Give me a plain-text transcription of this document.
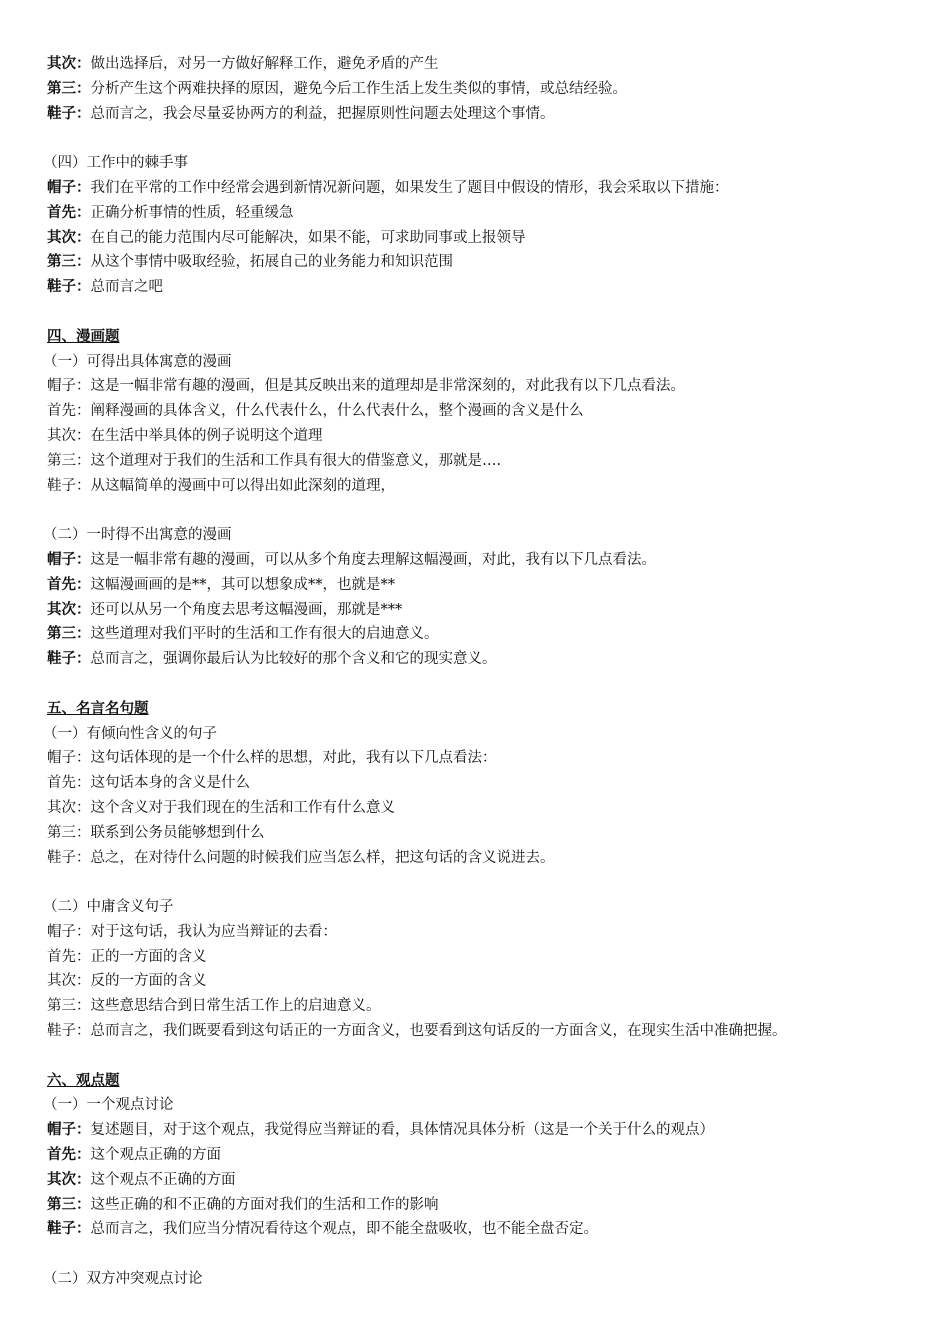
其次：做出选择后，对另一方做好解释工作，避免矛盾的产生
第三：分析产生这个两难抉择的原因，避免今后工作生活上发生类似的事情，或总结经验。
鞋子：总而言之，我会尽量妥协两方的利益，把握原则性问题去处理这个事情。
（四）工作中的棘手事
帽子：我们在平常的工作中经常会遇到新情况新问题，如果发生了题目中假设的情形，我会采取以下措施：
首先：正确分析事情的性质，轻重缓急
其次：在自己的能力范围内尽可能解决，如果不能，可求助同事或上报领导
第三：从这个事情中吸取经验，拓展自己的业务能力和知识范围
鞋子：总而言之吧
四、漫画题
（一）可得出具体寓意的漫画
帽子：这是一幅非常有趣的漫画，但是其反映出来的道理却是非常深刻的，对此我有以下几点看法。
首先：阐释漫画的具体含义，什么代表什么，什么代表什么，整个漫画的含义是什么
其次：在生活中举具体的例子说明这个道理
第三：这个道理对于我们的生活和工作具有很大的借鉴意义，那就是….
鞋子：从这幅简单的漫画中可以得出如此深刻的道理，
（二）一时得不出寓意的漫画
帽子：这是一幅非常有趣的漫画，可以从多个角度去理解这幅漫画，对此，我有以下几点看法。
首先：这幅漫画画的是**，其可以想象成**，也就是**
其次：还可以从另一个角度去思考这幅漫画，那就是***
第三：这些道理对我们平时的生活和工作有很大的启迪意义。
鞋子：总而言之，强调你最后认为比较好的那个含义和它的现实意义。
五、名言名句题
（一）有倾向性含义的句子
帽子：这句话体现的是一个什么样的思想，对此，我有以下几点看法：
首先：这句话本身的含义是什么
其次：这个含义对于我们现在的生活和工作有什么意义
第三：联系到公务员能够想到什么
鞋子：总之，在对待什么问题的时候我们应当怎么样，把这句话的含义说进去。
（二）中庸含义句子
帽子：对于这句话，我认为应当辩证的去看：
首先：正的一方面的含义
其次：反的一方面的含义
第三：这些意思结合到日常生活工作上的启迪意义。
鞋子：总而言之，我们既要看到这句话正的一方面含义，也要看到这句话反的一方面含义，在现实生活中准确把握。
六、观点题
（一）一个观点讨论
帽子：复述题目，对于这个观点，我觉得应当辩证的看，具体情况具体分析（这是一个关于什么的观点）
首先：这个观点正确的方面
其次：这个观点不正确的方面
第三：这些正确的和不正确的方面对我们的生活和工作的影响
鞋子：总而言之，我们应当分情况看待这个观点，即不能全盘吸收，也不能全盘否定。
（二）双方冲突观点讨论
